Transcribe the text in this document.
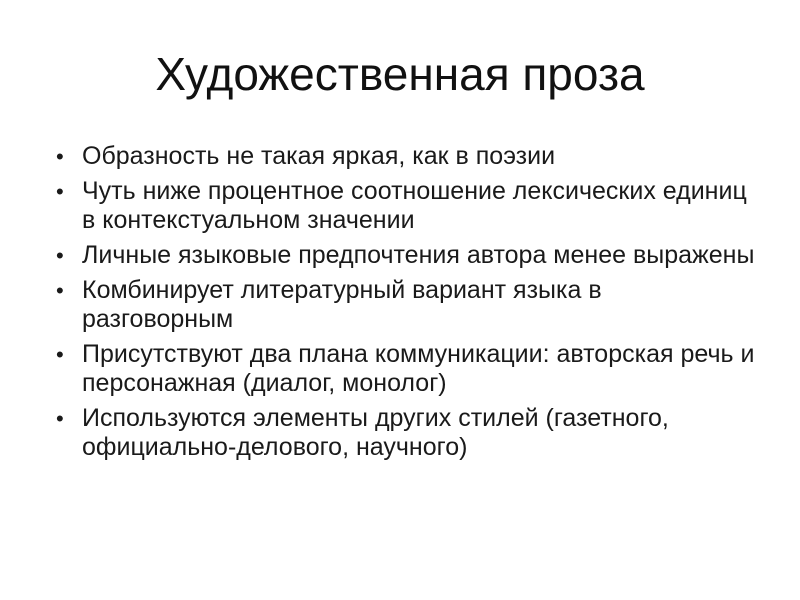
Художественная проза
• Образность не такая яркая, как в поэзии
• Чуть ниже процентное соотношение лексических единиц в контекстуальном значении
• Личные языковые предпочтения автора менее выражены
• Комбинирует литературный вариант языка в разговорным
• Присутствуют два плана коммуникации: авторская речь и персонажная (диалог, монолог)
• Используются элементы других стилей (газетного, официально-делового, научного)
